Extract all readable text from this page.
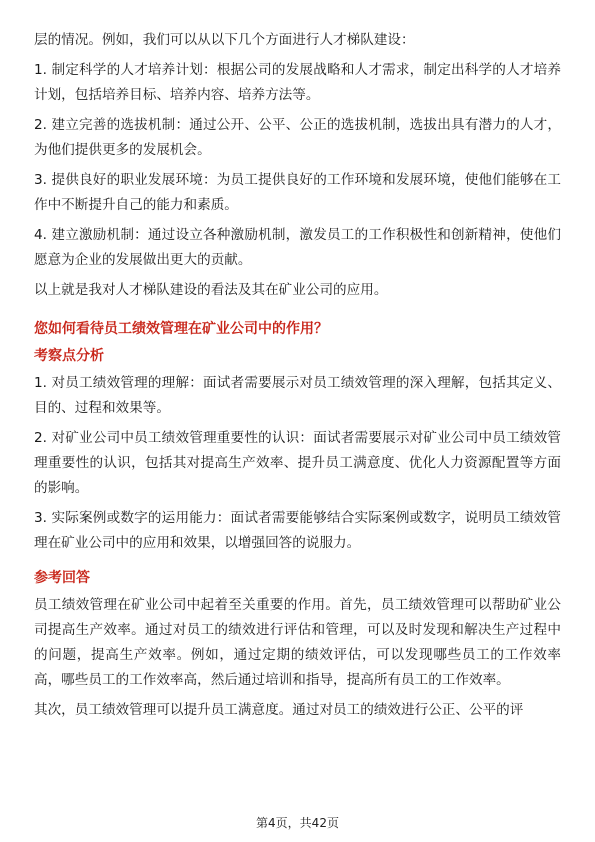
层的情况。例如，我们可以从以下几个方面进行人才梯队建设：

1. 制定科学的人才培养计划：根据公司的发展战略和人才需求，制定出科学的人才培养计划，包括培养目标、培养内容、培养方法等。

2. 建立完善的选拔机制：通过公开、公平、公正的选拔机制，选拔出具有潜力的人才，为他们提供更多的发展机会。

3. 提供良好的职业发展环境：为员工提供良好的工作环境和发展环境，使他们能够在工作中不断提升自己的能力和素质。

4. 建立激励机制：通过设立各种激励机制，激发员工的工作积极性和创新精神，使他们愿意为企业的发展做出更大的贡献。

以上就是我对人才梯队建设的看法及其在矿业公司的应用。

您如何看待员工绩效管理在矿业公司中的作用？
考察点分析

1. 对员工绩效管理的理解：面试者需要展示对员工绩效管理的深入理解，包括其定义、目的、过程和效果等。

2. 对矿业公司中员工绩效管理重要性的认识：面试者需要展示对矿业公司中员工绩效管理重要性的认识，包括其对提高生产效率、提升员工满意度、优化人力资源配置等方面的影响。

3. 实际案例或数字的运用能力：面试者需要能够结合实际案例或数字，说明员工绩效管理在矿业公司中的应用和效果，以增强回答的说服力。

参考回答

员工绩效管理在矿业公司中起着至关重要的作用。首先，员工绩效管理可以帮助矿业公司提高生产效率。通过对员工的绩效进行评估和管理，可以及时发现和解决生产过程中的问题，提高生产效率。例如，通过定期的绩效评估，可以发现哪些员工的工作效率高，哪些员工的工作效率高，然后通过培训和指导，提高所有员工的工作效率。

其次，员工绩效管理可以提升员工满意度。通过对员工的绩效进行公正、公平的评

第4页，共42页
